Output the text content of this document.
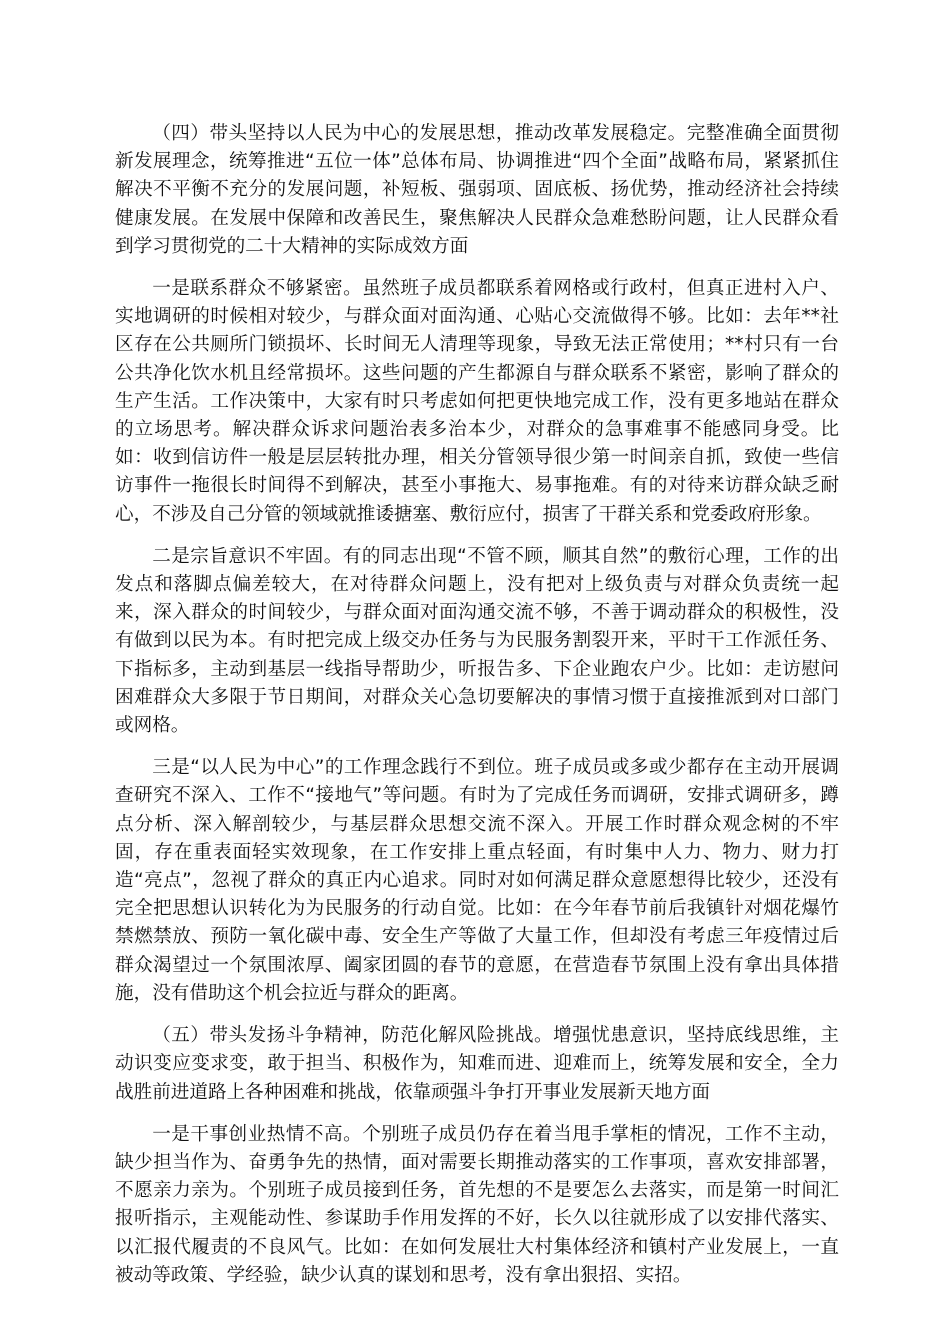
（四）带头坚持以人民为中心的发展思想，推动改革发展稳定。完整准确全面贯彻新发展理念，统筹推进“五位一体”总体布局、协调推进“四个全面”战略布局，紧紧抓住解决不平衡不充分的发展问题，补短板、强弱项、固底板、扬优势，推动经济社会持续健康发展。在发展中保障和改善民生，聚焦解决人民群众急难愁盼问题，让人民群众看到学习贯彻党的二十大精神的实际成效方面

一是联系群众不够紧密。虽然班子成员都联系着网格或行政村，但真正进村入户、实地调研的时候相对较少，与群众面对面沟通、心贴心交流做得不够。比如：去年**社区存在公共厕所门锁损坏、长时间无人清理等现象，导致无法正常使用；**村只有一台公共净化饮水机且经常损坏。这些问题的产生都源自与群众联系不紧密，影响了群众的生产生活。工作决策中，大家有时只考虑如何把更快地完成工作，没有更多地站在群众的立场思考。解决群众诉求问题治表多治本少，对群众的急事难事不能感同身受。比如：收到信访件一般是层层转批办理，相关分管领导很少第一时间亲自抓，致使一些信访事件一拖很长时间得不到解决，甚至小事拖大、易事拖难。有的对待来访群众缺乏耐心，不涉及自己分管的领域就推诿搪塞、敷衍应付，损害了干群关系和党委政府形象。

二是宗旨意识不牢固。有的同志出现“不管不顾，顺其自然”的敷衍心理，工作的出发点和落脚点偏差较大，在对待群众问题上，没有把对上级负责与对群众负责统一起来，深入群众的时间较少，与群众面对面沟通交流不够，不善于调动群众的积极性，没有做到以民为本。有时把完成上级交办任务与为民服务割裂开来，平时干工作派任务、下指标多，主动到基层一线指导帮助少，听报告多、下企业跑农户少。比如：走访慰问困难群众大多限于节日期间，对群众关心急切要解决的事情习惯于直接推派到对口部门或网格。

三是“以人民为中心”的工作理念践行不到位。班子成员或多或少都存在主动开展调查研究不深入、工作不“接地气”等问题。有时为了完成任务而调研，安排式调研多，蹲点分析、深入解剖较少，与基层群众思想交流不深入。开展工作时群众观念树的不牢固，存在重表面轻实效现象，在工作安排上重点轻面，有时集中人力、物力、财力打造“亮点”，忽视了群众的真正内心追求。同时对如何满足群众意愿想得比较少，还没有完全把思想认识转化为为民服务的行动自觉。比如：在今年春节前后我镇针对烟花爆竹禁燃禁放、预防一氧化碳中毒、安全生产等做了大量工作，但却没有考虑三年疫情过后群众渴望过一个氛围浓厚、阖家团圆的春节的意愿，在营造春节氛围上没有拿出具体措施，没有借助这个机会拉近与群众的距离。

（五）带头发扬斗争精神，防范化解风险挑战。增强忧患意识，坚持底线思维，主动识变应变求变，敢于担当、积极作为，知难而进、迎难而上，统筹发展和安全，全力战胜前进道路上各种困难和挑战，依靠顽强斗争打开事业发展新天地方面

一是干事创业热情不高。个别班子成员仍存在着当甩手掌柜的情况，工作不主动，缺少担当作为、奋勇争先的热情，面对需要长期推动落实的工作事项，喜欢安排部署，不愿亲力亲为。个别班子成员接到任务，首先想的不是要怎么去落实，而是第一时间汇报听指示，主观能动性、参谋助手作用发挥的不好，长久以往就形成了以安排代落实、以汇报代履责的不良风气。比如：在如何发展壮大村集体经济和镇村产业发展上，一直被动等政策、学经验，缺少认真的谋划和思考，没有拿出狠招、实招。
